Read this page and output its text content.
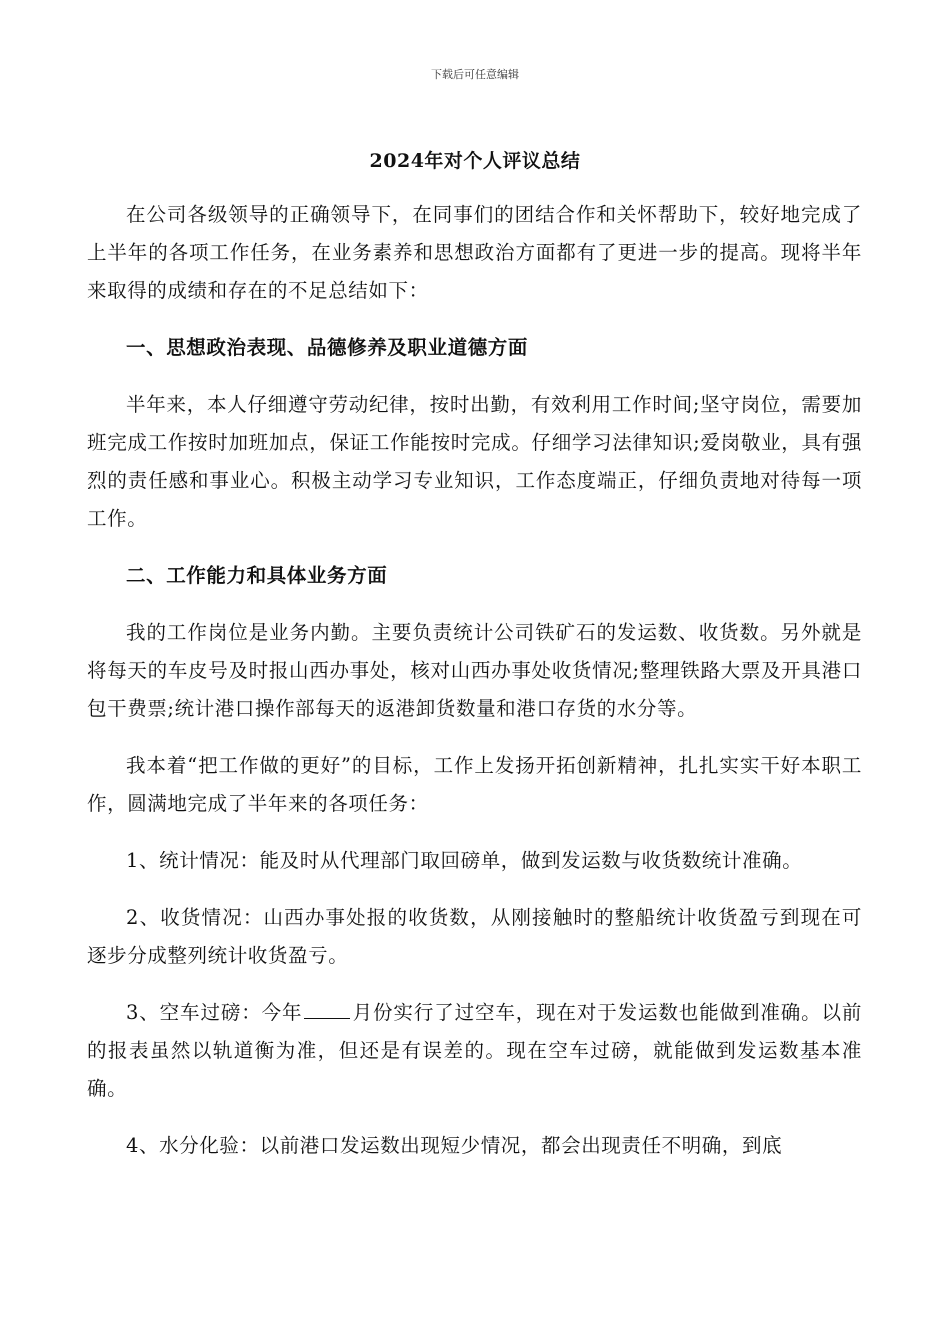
下载后可任意编辑
2024年对个人评议总结

在公司各级领导的正确领导下，在同事们的团结合作和关怀帮助下，较好地完成了上半年的各项工作任务，在业务素养和思想政治方面都有了更进一步的提高。现将半年来取得的成绩和存在的不足总结如下：

一、思想政治表现、品德修养及职业道德方面

半年来，本人仔细遵守劳动纪律，按时出勤，有效利用工作时间;坚守岗位，需要加班完成工作按时加班加点，保证工作能按时完成。仔细学习法律知识;爱岗敬业，具有强烈的责任感和事业心。积极主动学习专业知识，工作态度端正，仔细负责地对待每一项工作。

二、工作能力和具体业务方面

我的工作岗位是业务内勤。主要负责统计公司铁矿石的发运数、收货数。另外就是将每天的车皮号及时报山西办事处，核对山西办事处收货情况;整理铁路大票及开具港口包干费票;统计港口操作部每天的返港卸货数量和港口存货的水分等。

我本着“把工作做的更好”的目标，工作上发扬开拓创新精神，扎扎实实干好本职工作，圆满地完成了半年来的各项任务：

1、统计情况：能及时从代理部门取回磅单，做到发运数与收货数统计准确。

2、收货情况：山西办事处报的收货数，从刚接触时的整船统计收货盈亏到现在可逐步分成整列统计收货盈亏。

3、空车过磅：今年	月份实行了过空车，现在对于发运数也能做到准确。以前的报表虽然以轨道衡为准，但还是有误差的。现在空车过磅，就能做到发运数基本准确。

4、水分化验：以前港口发运数出现短少情况，都会出现责任不明确，到底
